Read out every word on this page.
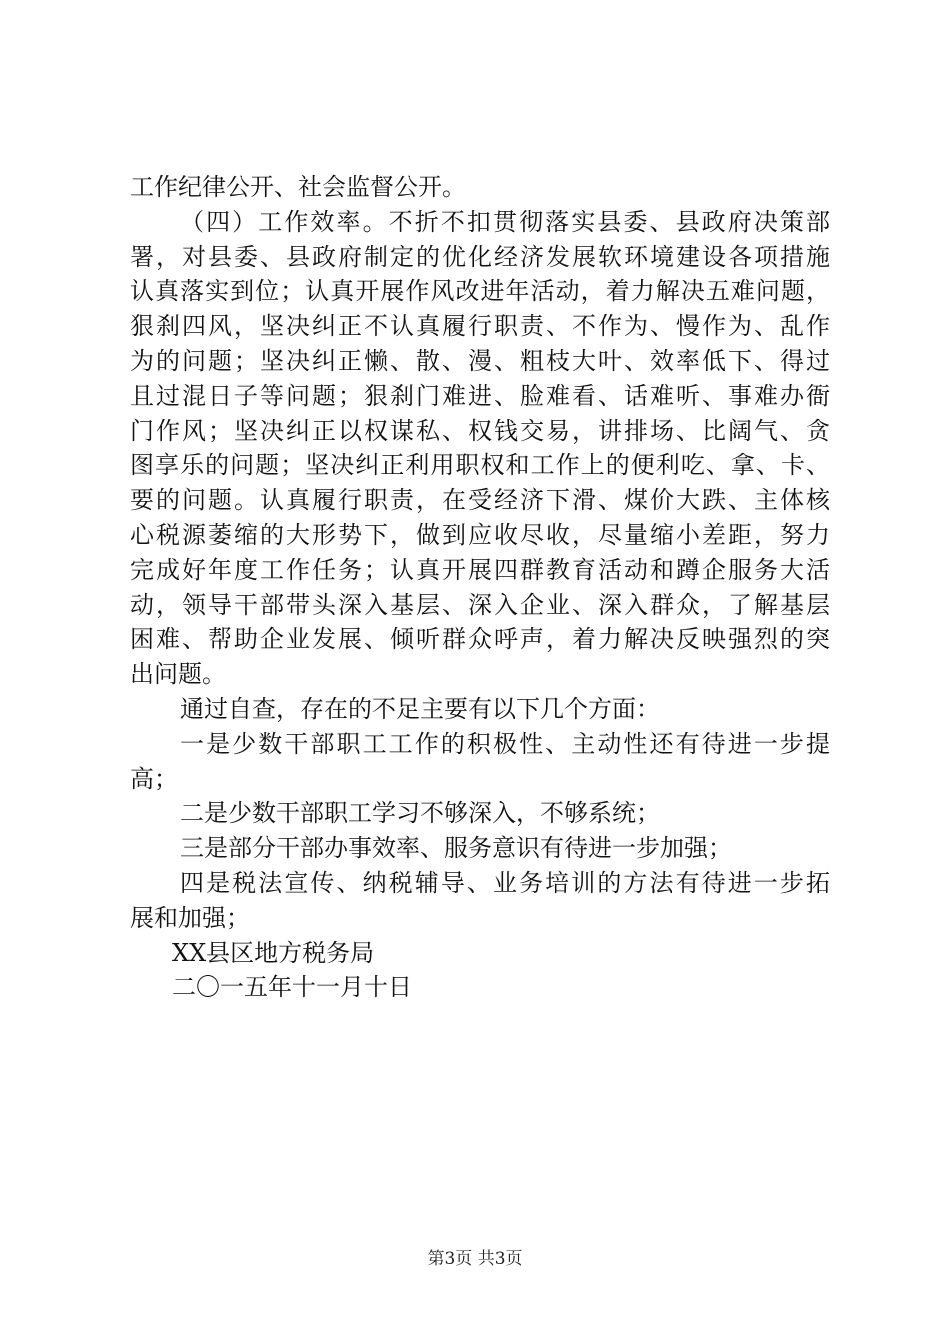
工作纪律公开、社会监督公开。
（四）工作效率。不折不扣贯彻落实县委、县政府决策部
署，对县委、县政府制定的优化经济发展软环境建设各项措施
认真落实到位；认真开展作风改进年活动，着力解决五难问题，
狠刹四风，坚决纠正不认真履行职责、不作为、慢作为、乱作
为的问题；坚决纠正懒、散、漫、粗枝大叶、效率低下、得过
且过混日子等问题；狠刹门难进、脸难看、话难听、事难办衙
门作风；坚决纠正以权谋私、权钱交易，讲排场、比阔气、贪
图享乐的问题；坚决纠正利用职权和工作上的便利吃、拿、卡、
要的问题。认真履行职责，在受经济下滑、煤价大跌、主体核
心税源萎缩的大形势下，做到应收尽收，尽量缩小差距，努力
完成好年度工作任务；认真开展四群教育活动和蹲企服务大活
动，领导干部带头深入基层、深入企业、深入群众，了解基层
困难、帮助企业发展、倾听群众呼声，着力解决反映强烈的突
出问题。
通过自查，存在的不足主要有以下几个方面：
一是少数干部职工工作的积极性、主动性还有待进一步提
高；
二是少数干部职工学习不够深入，不够系统；
三是部分干部办事效率、服务意识有待进一步加强；
四是税法宣传、纳税辅导、业务培训的方法有待进一步拓
展和加强；
XX县区地方税务局
二〇一五年十一月十日
第3页 共3页
